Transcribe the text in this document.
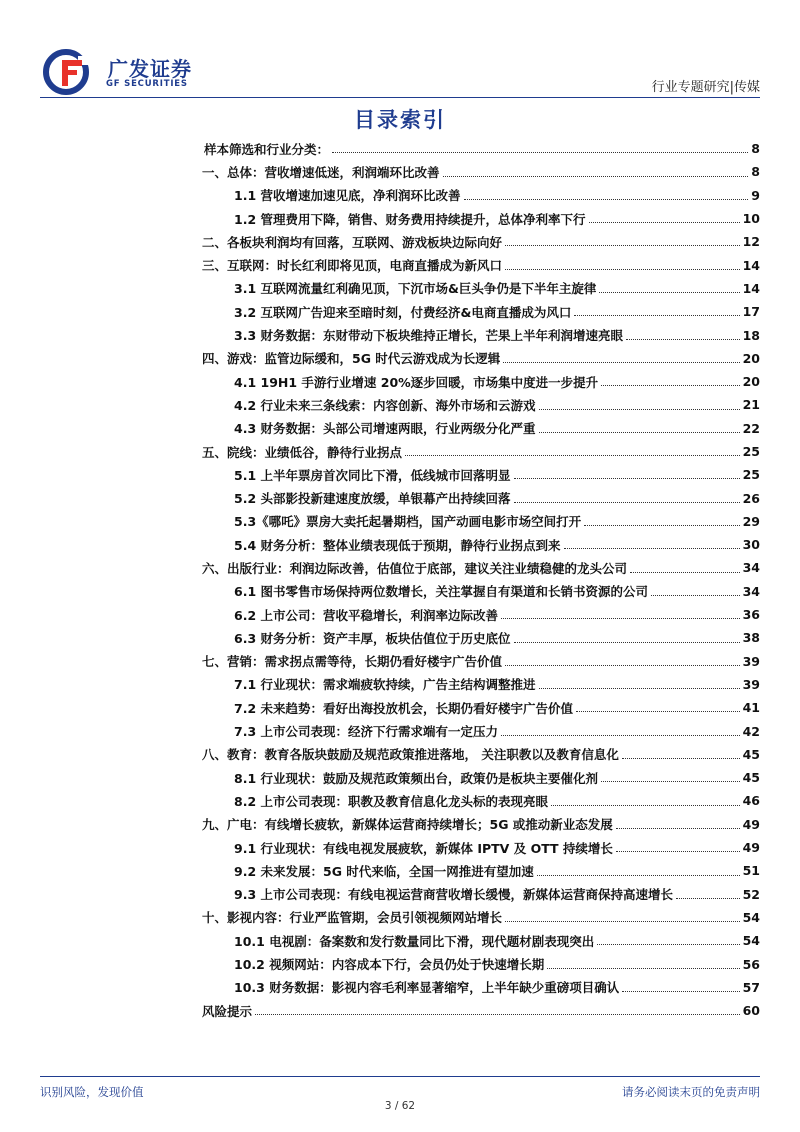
广发证券
GF SECURITIES	行业专题研究|传媒
目录索引
样本筛选和行业分类：	8
一、总体：营收增速低迷，利润端环比改善	8
1.1 营收增速加速见底，净利润环比改善	9
1.2 管理费用下降，销售、财务费用持续提升，总体净利率下行	10
二、各板块利润均有回落，互联网、游戏板块边际向好	12
三、互联网：时长红利即将见顶，电商直播成为新风口	14
3.1 互联网流量红利确见顶，下沉市场&巨头争仍是下半年主旋律	14
3.2 互联网广告迎来至暗时刻，付费经济&电商直播成为风口	17
3.3 财务数据：东财带动下板块维持正增长，芒果上半年利润增速亮眼	18
四、游戏：监管边际缓和，5G 时代云游戏成为长逻辑	20
4.1 19H1 手游行业增速 20%逐步回暖，市场集中度进一步提升	20
4.2 行业未来三条线索：内容创新、海外市场和云游戏	21
4.3 财务数据：头部公司增速两眼，行业两级分化严重	22
五、院线：业绩低谷，静待行业拐点	25
5.1 上半年票房首次同比下滑，低线城市回落明显	25
5.2 头部影投新建速度放缓，单银幕产出持续回落	26
5.3《哪吒》票房大卖托起暑期档，国产动画电影市场空间打开	29
5.4 财务分析：整体业绩表现低于预期，静待行业拐点到来	30
六、出版行业：利润边际改善，估值位于底部，建议关注业绩稳健的龙头公司	34
6.1 图书零售市场保持两位数增长，关注掌握自有渠道和长销书资源的公司	34
6.2 上市公司：营收平稳增长，利润率边际改善	36
6.3 财务分析：资产丰厚，板块估值位于历史底位	38
七、营销：需求拐点需等待，长期仍看好楼宇广告价值	39
7.1 行业现状：需求端疲软持续，广告主结构调整推进	39
7.2 未来趋势：看好出海投放机会，长期仍看好楼宇广告价值	41
7.3 上市公司表现：经济下行需求端有一定压力	42
八、教育：教育各版块鼓励及规范政策推进落地， 关注职教以及教育信息化	45
8.1 行业现状：鼓励及规范政策频出台，政策仍是板块主要催化剂	45
8.2 上市公司表现：职教及教育信息化龙头标的表现亮眼	46
九、广电：有线增长疲软，新媒体运营商持续增长；5G 或推动新业态发展	49
9.1 行业现状：有线电视发展疲软，新媒体 IPTV 及 OTT 持续增长	49
9.2 未来发展：5G 时代来临，全国一网推进有望加速	51
9.3 上市公司表现：有线电视运营商营收增长缓慢，新媒体运营商保持高速增长	52
十、影视内容：行业严监管期，会员引领视频网站增长	54
10.1 电视剧：备案数和发行数量同比下滑，现代题材剧表现突出	54
10.2 视频网站：内容成本下行，会员仍处于快速增长期	56
10.3 财务数据：影视内容毛利率显著缩窄，上半年缺少重磅项目确认	57
风险提示	60
识别风险，发现价值	请务必阅读末页的免责声明
3 / 62
